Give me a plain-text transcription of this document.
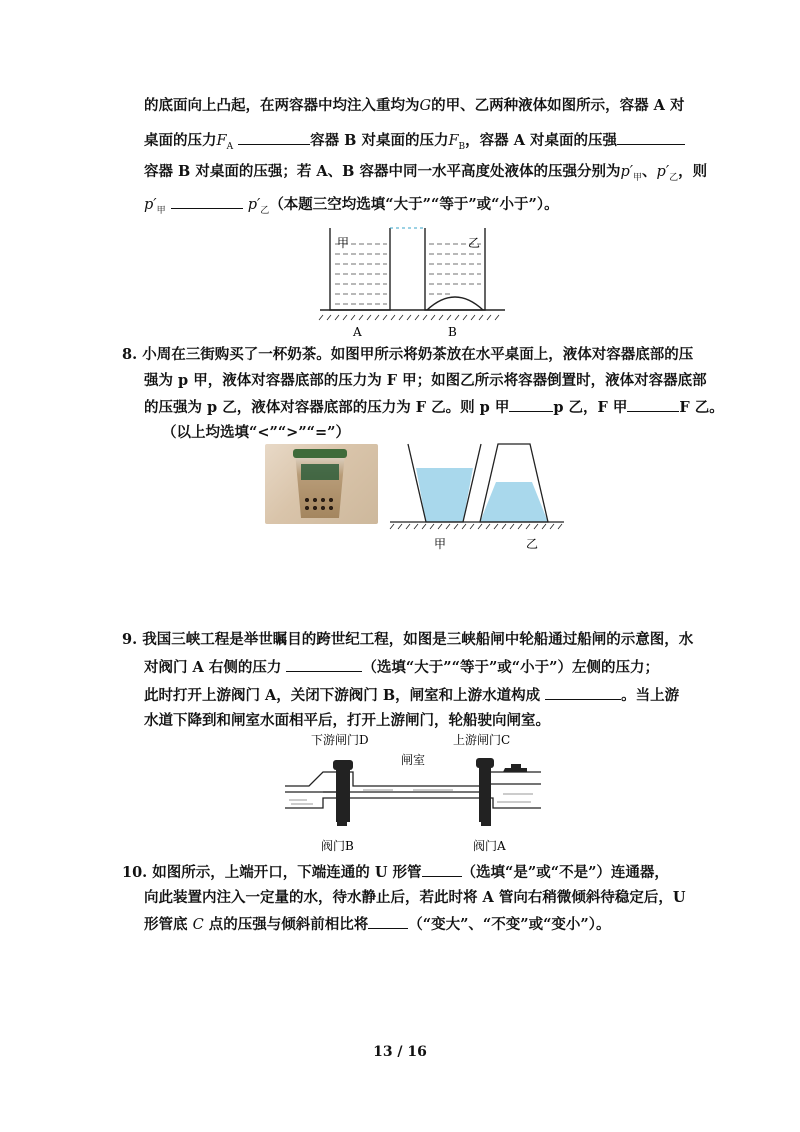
的底面向上凸起，在两容器中均注入重均为G的甲、乙两种液体如图所示，容器 A 对
桌面的压力$F_A$	容器 B 对桌面的压力$F_B$，容器 A 对桌面的压强
容器 B 对桌面的压强；若 A、B 容器中同一水平高度处液体的压强分别为$p'_甲$、$p'_乙$，则
$p'_甲$	$p'_乙$（本题三空均选填“大于”“等于”或“小于”）。
甲	乙
A	B
8. 小周在三街购买了一杯奶茶。如图甲所示将奶茶放在水平桌面上，液体对容器底部的压
强为 p 甲，液体对容器底部的压力为 F 甲；如图乙所示将容器倒置时，液体对容器底部
的压强为 p 乙，液体对容器底部的压力为 F 乙。则 p 甲	p 乙，F 甲	F 乙。
（以上均选填“<”“>”“=”）
甲	乙
9. 我国三峡工程是举世瞩目的跨世纪工程，如图是三峡船闸中轮船通过船闸的示意图，水
对阀门 A 右侧的压力	（选填“大于”“等于”或“小于”）左侧的压力；
此时打开上游阀门 A，关闭下游阀门 B，闸室和上游水道构成	。当上游
水道下降到和闸室水面相平后，打开上游闸门，轮船驶向闸室。
下游闸门D	上游闸门C
闸室
阀门B	阀门A
10. 如图所示，上端开口，下端连通的 U 形管	（选填“是”或“不是”）连通器，
向此装置内注入一定量的水，待水静止后，若此时将 A 管向右稍微倾斜待稳定后，U
形管底 C 点的压强与倾斜前相比将	（“变大”、“不变”或“变小”）。
13 / 16
